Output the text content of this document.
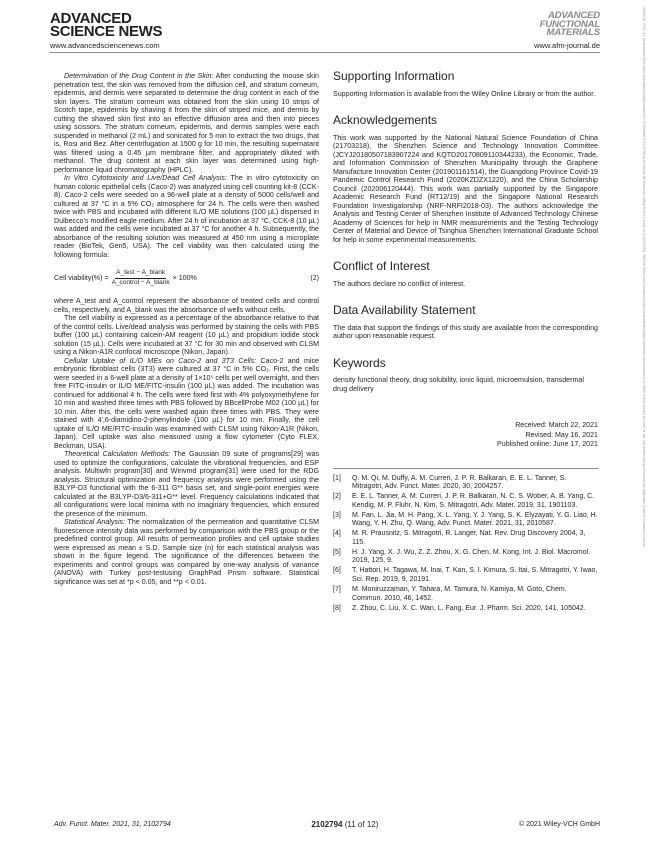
ADVANCED
SCIENCE NEWS
www.advancedsciencenews.com
ADVANCED
FUNCTIONAL
MATERIALS
www.afm-journal.de	16163028, 2021, 31, Downloaded from https://onlinelibrary.wiley.com/doi/10.1002/adfm.202102794 by University Of Shenzhen, Wiley Online Library on [21/07/2023]. See the Terms and Conditions (https://onlinelibrary.wiley.com/terms-and-conditions) on Wiley Online Library for rules of use; OA articles are governed by the applicable Creative Commons License

Determination of the Drug Content in the Skin: After conducting the mouse skin penetration test, the skin was removed from the diffusion cell, and stratum corneum, epidermis, and dermis were separated to determine the drug content in each of the skin layers. The stratum corneum was obtained from the skin using 10 strips of Scotch tape, epidermis by shaving it from the skin of striped mice, and dermis by cutting the shaved skin first into an effective diffusion area and then into pieces using scissors. The stratum corneum, epidermis, and dermis samples were each suspended in methanol (2 mL) and sonicated for 5 min to extract the two drugs, that is, Rosi and Bez. After centrifugation at 1500 g for 10 min, the resulting supernatant was filtered using a 0.45 µm membrane filter, and appropriately diluted with methanol. The drug content at each skin layer was determined using high-performance liquid chromatography (HPLC).

In Vitro Cytotoxicity and Live/Dead Cell Analysis: The in vitro cytotoxicity on human colonic epithelial cells (Caco-2) was analyzed using cell counting kit-8 (CCK-8). Caco-2 cells were seeded on a 96-well plate at a density of 5000 cells/well and cultured at 37 °C in a 5% CO₂ atmosphere for 24 h. The cells were then washed twice with PBS and incubated with different IL/O ME solutions (100 µL) dispersed in Dulbecco's modified eagle medium. After 24 h of incubation at 37 °C, CCK-8 (10 µL) was added and the cells were incubated at 37 °C for another 4 h. Subsequently, the absorbance of the resulting solution was measured at 450 nm using a microplate reader (BioTek, Gen5, USA). The cell viability was then calculated using the following formula:

Cell viability(%) = $\frac{\text{A\_test − A\_blank}}{\text{A\_control − A\_blank}} \times 100\%$	(2)

where A_test and A_control represent the absorbance of treated cells and control cells, respectively, and A_blank was the absorbance of wells without cells.

The cell viability is expressed as a percentage of the absorbance relative to that of the control cells. Live/dead analysis was performed by staining the cells with PBS buffer (100 µL) containing calcein-AM reagent (10 µL) and propidium iodide stock solution (15 µL). Cells were incubated at 37 °C for 30 min and observed with CLSM using a Nikon-A1R confocal microscope (Nikon, Japan).

Cellular Uptake of IL/O MEs on Caco-2 and 3T3 Cells: Caco-2 and mice embryonic fibroblast cells (3T3) were cultured at 37 °C in 5% CO₂. First, the cells were seeded in a 6-well plate at a density of 1×10⁵ cells per well overnight, and then free FITC-insulin or IL/O ME/FITC-insulin (100 µL) was added. The incubation was continued for additional 4 h. The cells were fixed first with 4% polyoxymethylene for 10 min and washed three times with PBS followed by BBcellProbe M02 (100 µL) for 10 min. After this, the cells were washed again three times with PBS. They were stained with 4′,6-diamidino-2-phenylindole (100 µL) for 10 min. Finally, the cell uptake of IL/O ME/FITC-insulin was examined with CLSM using Nikon-A1R (Nikon, Japan). Cell uptake was also measured using a flow cytometer (Cyto FLEX, Beckman, USA).

Theoretical Calculation Methods: The Gaussian 09 suite of programs[29] was used to optimize the configurations, calculate the vibrational frequencies, and ESP analysis. Multiwfn program[30] and Winvmd program[31] were used for the RDG analysis. Structural optimization and frequency analysis were performed using the B3LYP-D3 functional with the 6-311 G** basis set, and single-point energies were calculated at the B3LYP-D3/6-311+G** level. Frequency calculations indicated that all configurations were local minima with no imaginary frequencies, which ensured the presence of the minimum.

Statistical Analysis: The normalization of the permeation and quantitative CLSM fluorescence intensity data was performed by comparison with the PBS group or the predefined control group. All results of permeation profiles and cell uptake studies were expressed as mean ± S.D. Sample size (n) for each statistical analysis was shown in the figure legend. The significance of the differences between the experiments and control groups was compared by one-way analysis of variance (ANOVA) with Turkey post-testusing GraphPad Prism software. Statistical significance was set at *p < 0.05, and **p < 0.01.

Supporting Information

Supporting Information is available from the Wiley Online Library or from the author.

Acknowledgements

This work was supported by the National Natural Science Foundation of China (21703218), the Shenzhen Science and Technology Innovation Committee (JCYJ20180507183907224 and KQTD20170809110344233), the Economic, Trade, and Information Commission of Shenzhen Municipality through the Graphene Manufacture Innovation Center (201901161514), the Guangdong Province Covid-19 Pandemic Control Research Fund (2020KZDZX1220), and the China Scholarship Council (202006120444). This work was partially supported by the Singapore Academic Research Fund (RT12/19) and the Singapore National Research Foundation Investigatorship (NRF-NRFI2018-03). The authors acknowledge the Analysis and Testing Center of Shenzhen Institute of Advanced Technology Chinese Academy of Sciences for help in NMR measurements and the Testing Technology Center of Material and Device of Tsinghua Shenzhen International Graduate School for help in some experimental measurements.

Conflict of Interest

The authors declare no conflict of interest.

Data Availability Statement

The data that support the findings of this study are available from the corresponding author upon reasonable request.

Keywords

density functional theory, drug solubility, ionic liquid, microemulsion, transdermal drug delivery

Received: March 22, 2021
Revised: May 16, 2021
Published online: June 17, 2021
[1]	Q. M. Qi, M. Duffy, A. M. Curreri, J. P. R. Balkaran, E. E. L. Tanner, S. Mitragotri, Adv. Funct. Mater. 2020, 30, 2004257.
[2]	E. E. L. Tanner, A. M. Curreri, J. P. R. Balkaran, N. C. S. Wober, A. B. Yang, C. Kendig, M. P. Fluhr, N. Kim, S. Mitragotri, Adv. Mater. 2019, 31, 1901103.
[3]	M. Fan, L. Jia, M. H. Pang, X. L. Yang, Y. J. Yang, S. K. Elyzayati, Y. G. Liao, H. Wang, Y. H. Zhu, Q. Wang, Adv. Funct. Mater. 2021, 31, 2010587.
[4]	M. R. Prausnitz, S. Mitragotri, R. Langer, Nat. Rev. Drug Discovery 2004, 3, 115.
[5]	H. J. Yang, X. J. Wu, Z. Z. Zhou, X. G. Chen, M. Kong, Int. J. Biol. Macromol. 2019, 125, 9.
[6]	T. Hattori, H. Tagawa, M. Inai, T. Kan, S. I. Kimura, S. Itai, S. Mitragotri, Y. Iwao, Sci. Rep. 2019, 9, 20191.
[7]	M. Moniruzzaman, Y. Tahara, M. Tamura, N. Kamiya, M. Goto, Chem. Commun. 2010, 46, 1452.
[8]	Z. Zhou, C. Liu, X. C. Wan, L. Fang, Eur. J. Pharm. Sci. 2020, 141, 105042.
Adv. Funct. Mater. 2021, 31, 2102794	2102794 (11 of 12)	© 2021 Wiley-VCH GmbH
